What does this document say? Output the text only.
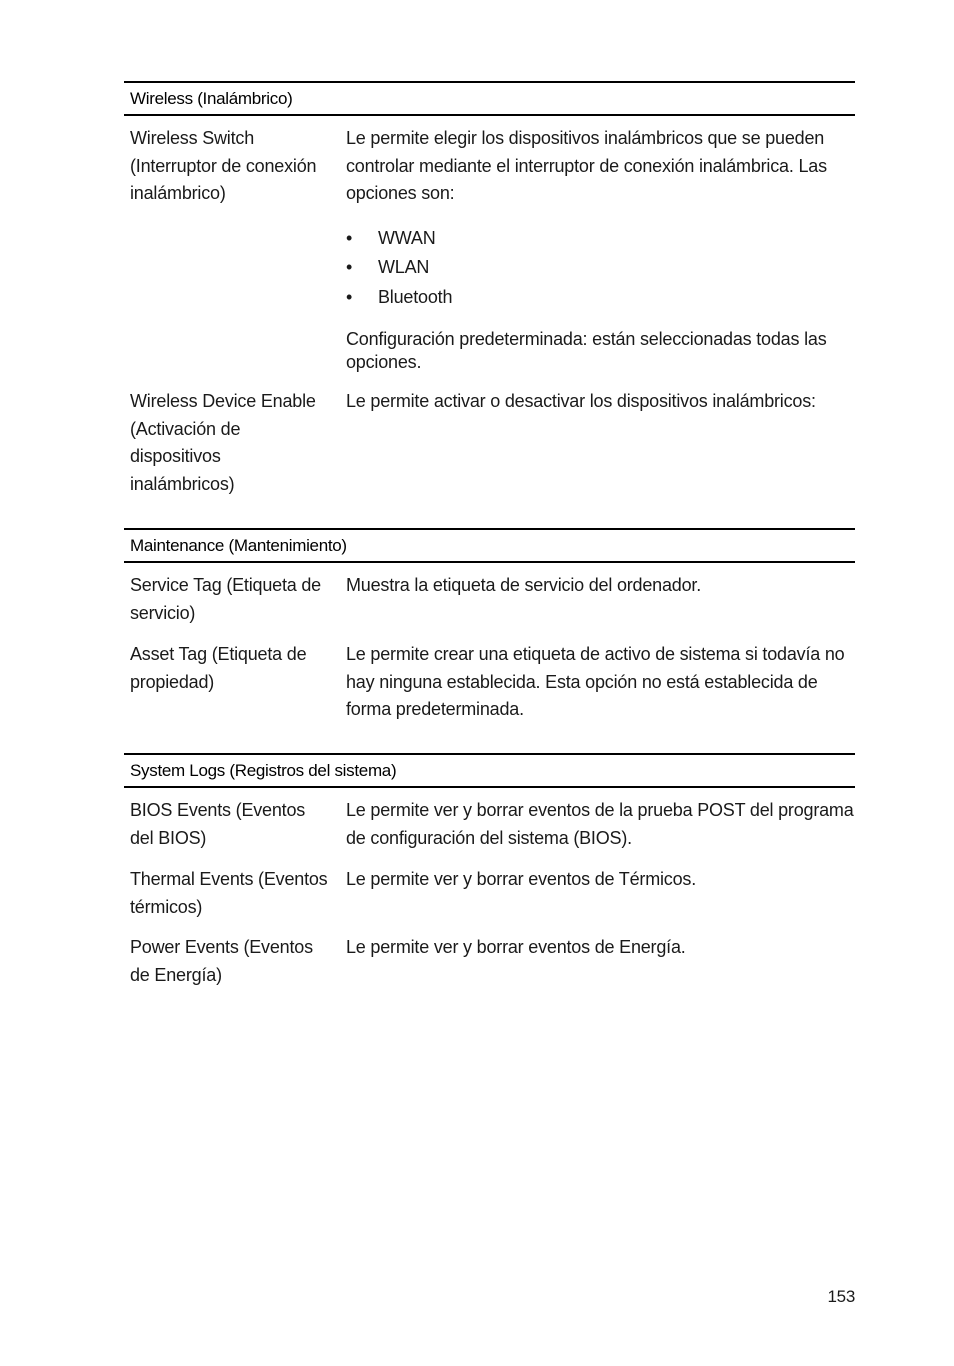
Wireless (Inalámbrico)
Wireless Switch
(Interruptor de conexión
inalámbrico)
Le permite elegir los dispositivos inalámbricos que se pueden controlar mediante el interruptor de conexión inalámbrica. Las opciones son:
• WWAN
• WLAN
• Bluetooth
Configuración predeterminada: están seleccionadas todas las opciones.
Wireless Device Enable
(Activación de
dispositivos
inalámbricos)
Le permite activar o desactivar los dispositivos inalámbricos:
Maintenance (Mantenimiento)
Service Tag (Etiqueta de
servicio)
Muestra la etiqueta de servicio del ordenador.
Asset Tag (Etiqueta de
propiedad)
Le permite crear una etiqueta de activo de sistema si todavía no hay ninguna establecida. Esta opción no está establecida de forma predeterminada.
System Logs (Registros del sistema)
BIOS Events (Eventos
del BIOS)
Le permite ver y borrar eventos de la prueba POST del programa de configuración del sistema (BIOS).
Thermal Events (Eventos
térmicos)
Le permite ver y borrar eventos de Térmicos.
Power Events (Eventos
de Energía)
Le permite ver y borrar eventos de Energía.
153
